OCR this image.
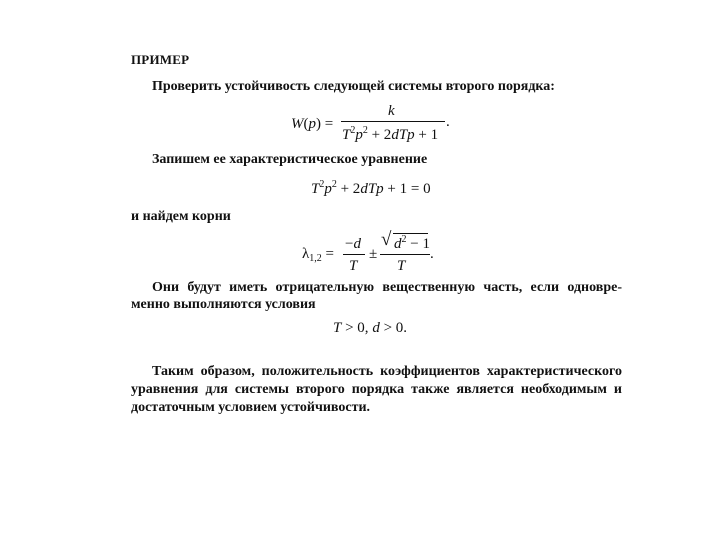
ПРИМЕР
Проверить устойчивость следующей системы второго порядка:
W(p) =
k
$T^2p^2 + 2dTp + 1$
.
Запишем ее характеристическое уравнение
$T^2p^2 + 2dTp + 1 = 0$
и найдем корни
$\lambda_{1,2}$ =
−d
T
±
√ $d^2 - 1$
T
.
Они будут иметь отрицательную вещественную часть, если одновре-
менно выполняются условия
T > 0, d > 0.
Таким образом, положительность коэффициентов характеристического
уравнения для системы второго порядка также является необходимым и
достаточным условием устойчивости.
